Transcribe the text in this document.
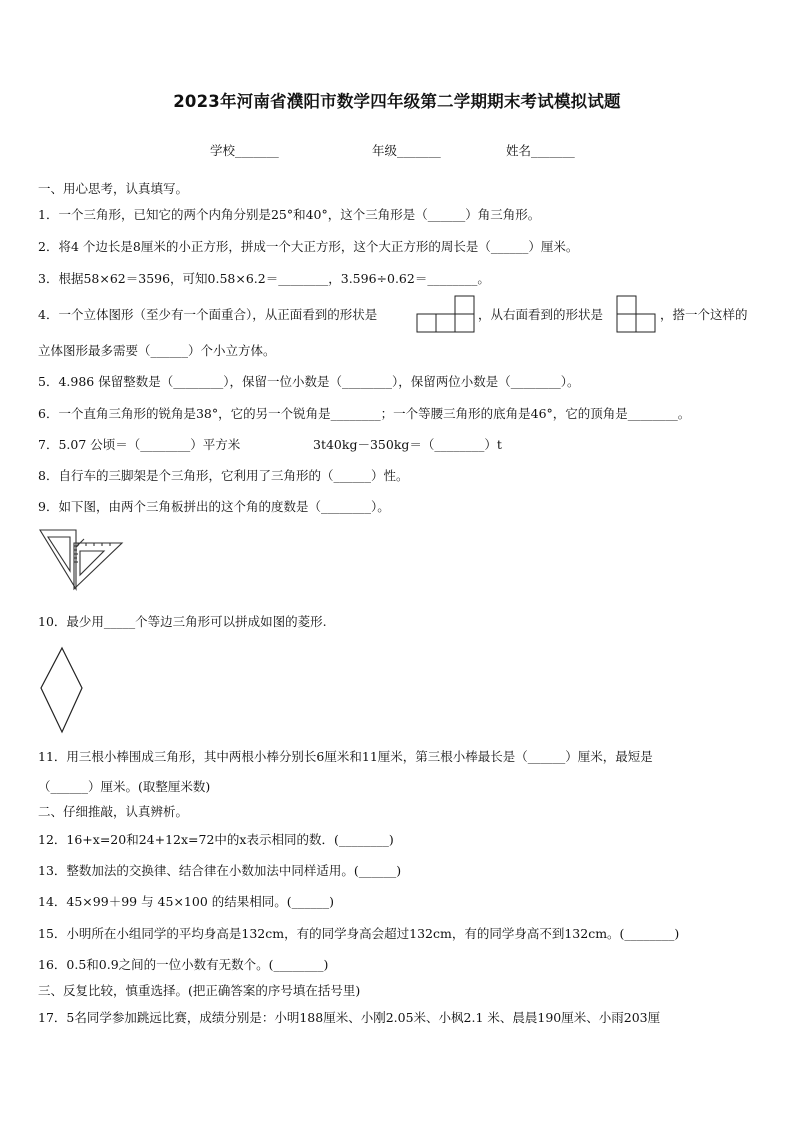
2023年河南省濮阳市数学四年级第二学期期末考试模拟试题
学校_______	年级_______	姓名_______
一、用心思考，认真填写。
1．一个三角形，已知它的两个内角分别是25°和40°，这个三角形是（______）角三角形。
2．将4 个边长是8厘米的小正方形，拼成一个大正方形，这个大正方形的周长是（______）厘米。
3．根据58×62＝3596，可知0.58×6.2＝________，3.596÷0.62＝________。
4．一个立体图形（至少有一个面重合），从正面看到的形状是	，从右面看到的形状是	，搭一个这样的
立体图形最多需要（______）个小立方体。
5．4.986 保留整数是（________），保留一位小数是（________），保留两位小数是（________）。
6．一个直角三角形的锐角是38°，它的另一个锐角是________；一个等腰三角形的底角是46°，它的顶角是________。
7．5.07 公顷＝（________）平方米	3t40kg－350kg＝（________）t
8．自行车的三脚架是个三角形，它利用了三角形的（______）性。
9．如下图，由两个三角板拼出的这个角的度数是（________）。
10．最少用_____个等边三角形可以拼成如图的菱形.
11．用三根小棒围成三角形，其中两根小棒分别长6厘米和11厘米，第三根小棒最长是（______）厘米，最短是
（______）厘米。(取整厘米数)
二、仔细推敲，认真辨析。
12．16+x=20和24+12x=72中的x表示相同的数．(________)
13．整数加法的交换律、结合律在小数加法中同样适用。(______)
14．45×99＋99 与 45×100 的结果相同。(______)
15．小明所在小组同学的平均身高是132cm，有的同学身高会超过132cm，有的同学身高不到132cm。(________)
16．0.5和0.9之间的一位小数有无数个。(________)
三、反复比较，慎重选择。(把正确答案的序号填在括号里)
17．5名同学参加跳远比赛，成绩分别是：小明188厘米、小刚2.05米、小枫2.1 米、晨晨190厘米、小雨203厘
